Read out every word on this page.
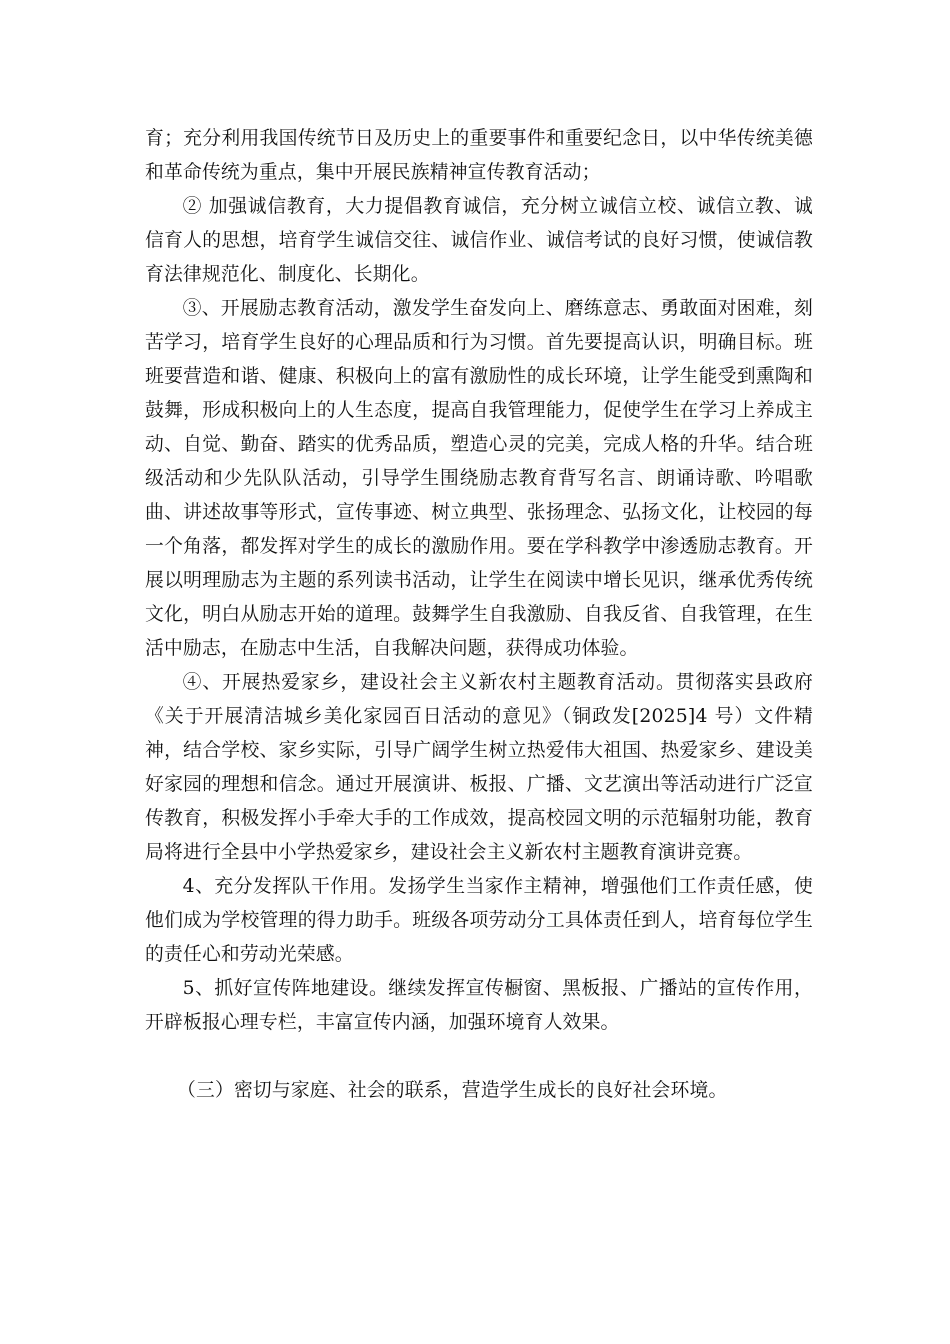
育；充分利用我国传统节日及历史上的重要事件和重要纪念日，以中华传统美德和革命传统为重点，集中开展民族精神宣传教育活动；

② 加强诚信教育，大力提倡教育诚信，充分树立诚信立校、诚信立教、诚信育人的思想，培育学生诚信交往、诚信作业、诚信考试的良好习惯，使诚信教育法律规范化、制度化、长期化。

③、开展励志教育活动，激发学生奋发向上、磨练意志、勇敢面对困难，刻苦学习，培育学生良好的心理品质和行为习惯。首先要提高认识，明确目标。班班要营造和谐、健康、积极向上的富有激励性的成长环境，让学生能受到熏陶和鼓舞，形成积极向上的人生态度，提高自我管理能力，促使学生在学习上养成主动、自觉、勤奋、踏实的优秀品质，塑造心灵的完美，完成人格的升华。结合班级活动和少先队队活动，引导学生围绕励志教育背写名言、朗诵诗歌、吟唱歌曲、讲述故事等形式，宣传事迹、树立典型、张扬理念、弘扬文化，让校园的每一个角落，都发挥对学生的成长的激励作用。要在学科教学中渗透励志教育。开展以明理励志为主题的系列读书活动，让学生在阅读中增长见识，继承优秀传统文化，明白从励志开始的道理。鼓舞学生自我激励、自我反省、自我管理，在生活中励志，在励志中生活，自我解决问题，获得成功体验。

④、开展热爱家乡，建设社会主义新农村主题教育活动。贯彻落实县政府《关于开展清洁城乡美化家园百日活动的意见》（铜政发[2025]4 号）文件精神，结合学校、家乡实际，引导广阔学生树立热爱伟大祖国、热爱家乡、建设美好家园的理想和信念。通过开展演讲、板报、广播、文艺演出等活动进行广泛宣传教育，积极发挥小手牵大手的工作成效，提高校园文明的示范辐射功能，教育局将进行全县中小学热爱家乡，建设社会主义新农村主题教育演讲竞赛。

4、充分发挥队干作用。发扬学生当家作主精神，增强他们工作责任感，使他们成为学校管理的得力助手。班级各项劳动分工具体责任到人，培育每位学生的责任心和劳动光荣感。

5、抓好宣传阵地建设。继续发挥宣传橱窗、黑板报、广播站的宣传作用，开辟板报心理专栏，丰富宣传内涵，加强环境育人效果。

（三）密切与家庭、社会的联系，营造学生成长的良好社会环境。
